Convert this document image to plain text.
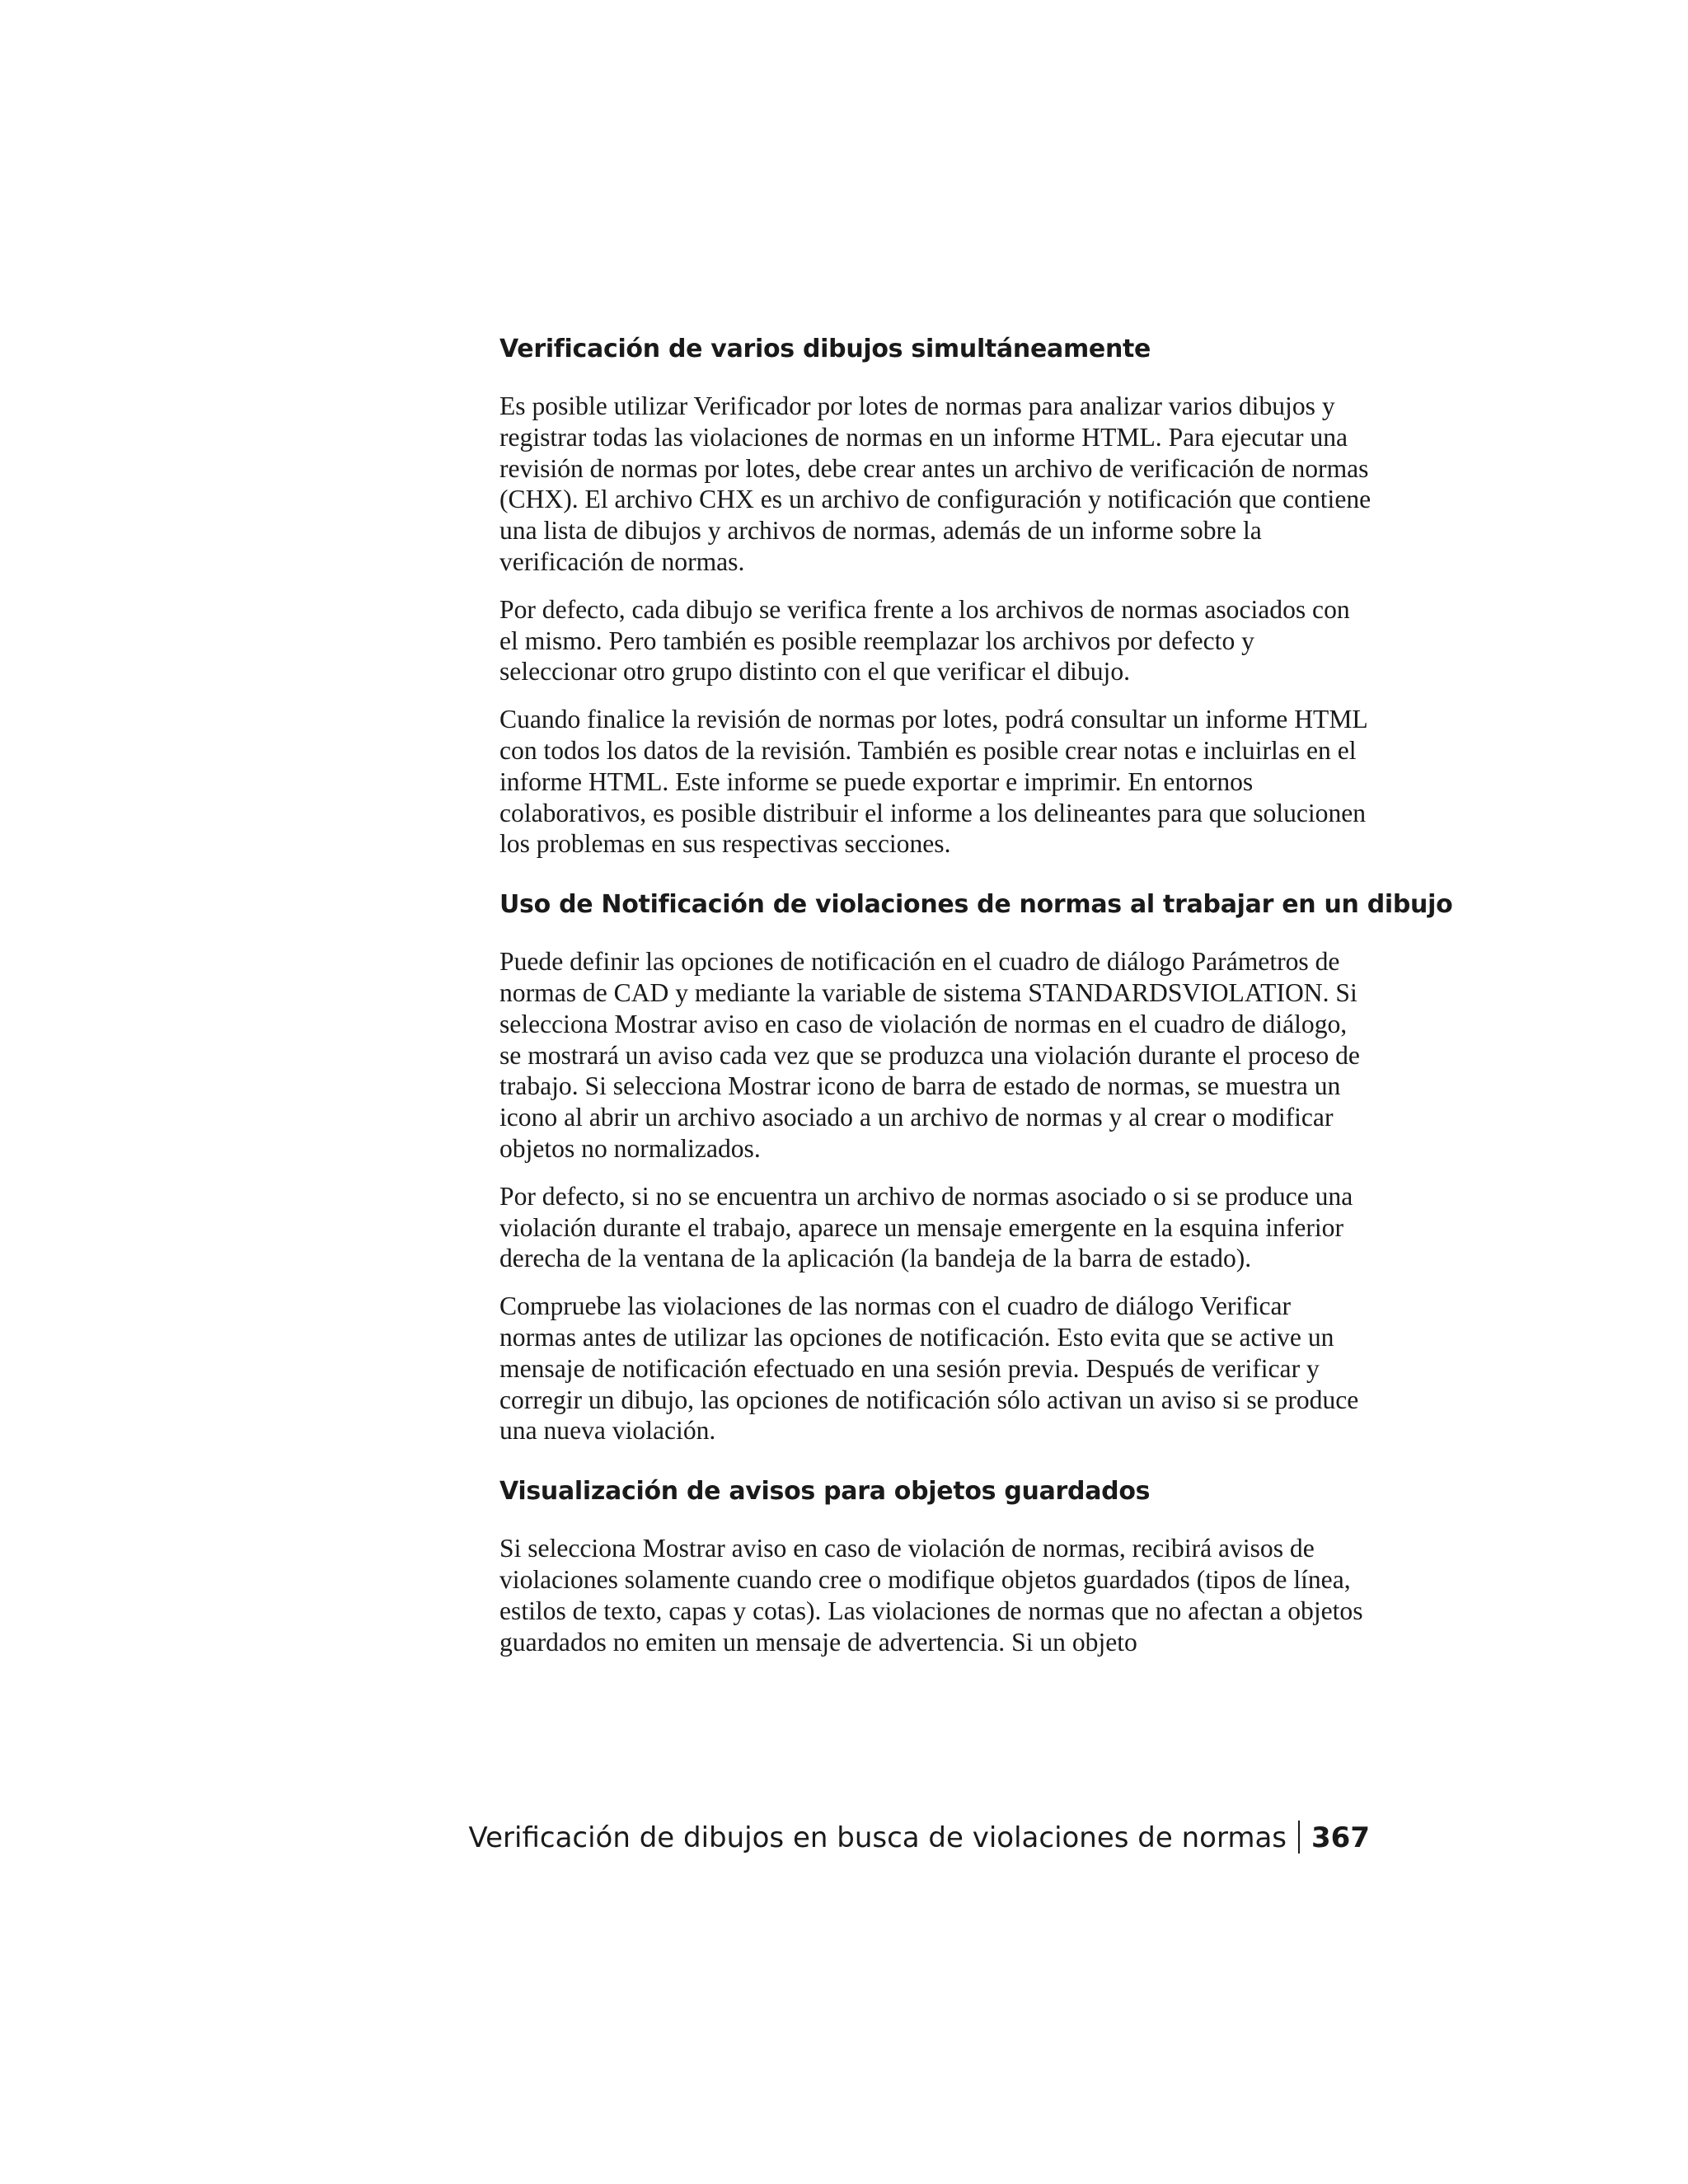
Verificación de varios dibujos simultáneamente

Es posible utilizar Verificador por lotes de normas para analizar varios dibujos y registrar todas las violaciones de normas en un informe HTML. Para ejecutar una revisión de normas por lotes, debe crear antes un archivo de verificación de normas (CHX). El archivo CHX es un archivo de configuración y notificación que contiene una lista de dibujos y archivos de normas, además de un informe sobre la verificación de normas.

Por defecto, cada dibujo se verifica frente a los archivos de normas asociados con el mismo. Pero también es posible reemplazar los archivos por defecto y seleccionar otro grupo distinto con el que verificar el dibujo.

Cuando finalice la revisión de normas por lotes, podrá consultar un informe HTML con todos los datos de la revisión. También es posible crear notas e incluirlas en el informe HTML. Este informe se puede exportar e imprimir. En entornos colaborativos, es posible distribuir el informe a los delineantes para que solucionen los problemas en sus respectivas secciones.

Uso de Notificación de violaciones de normas al trabajar en un dibujo

Puede definir las opciones de notificación en el cuadro de diálogo Parámetros de normas de CAD y mediante la variable de sistema STANDARDSVIOLATION. Si selecciona Mostrar aviso en caso de violación de normas en el cuadro de diálogo, se mostrará un aviso cada vez que se produzca una violación durante el proceso de trabajo. Si selecciona Mostrar icono de barra de estado de normas, se muestra un icono al abrir un archivo asociado a un archivo de normas y al crear o modificar objetos no normalizados.

Por defecto, si no se encuentra un archivo de normas asociado o si se produce una violación durante el trabajo, aparece un mensaje emergente en la esquina inferior derecha de la ventana de la aplicación (la bandeja de la barra de estado).

Compruebe las violaciones de las normas con el cuadro de diálogo Verificar normas antes de utilizar las opciones de notificación. Esto evita que se active un mensaje de notificación efectuado en una sesión previa. Después de verificar y corregir un dibujo, las opciones de notificación sólo activan un aviso si se produce una nueva violación.

Visualización de avisos para objetos guardados

Si selecciona Mostrar aviso en caso de violación de normas, recibirá avisos de violaciones solamente cuando cree o modifique objetos guardados (tipos de línea, estilos de texto, capas y cotas). Las violaciones de normas que no afectan a objetos guardados no emiten un mensaje de advertencia. Si un objeto

Verificación de dibujos en busca de violaciones de normas 367
